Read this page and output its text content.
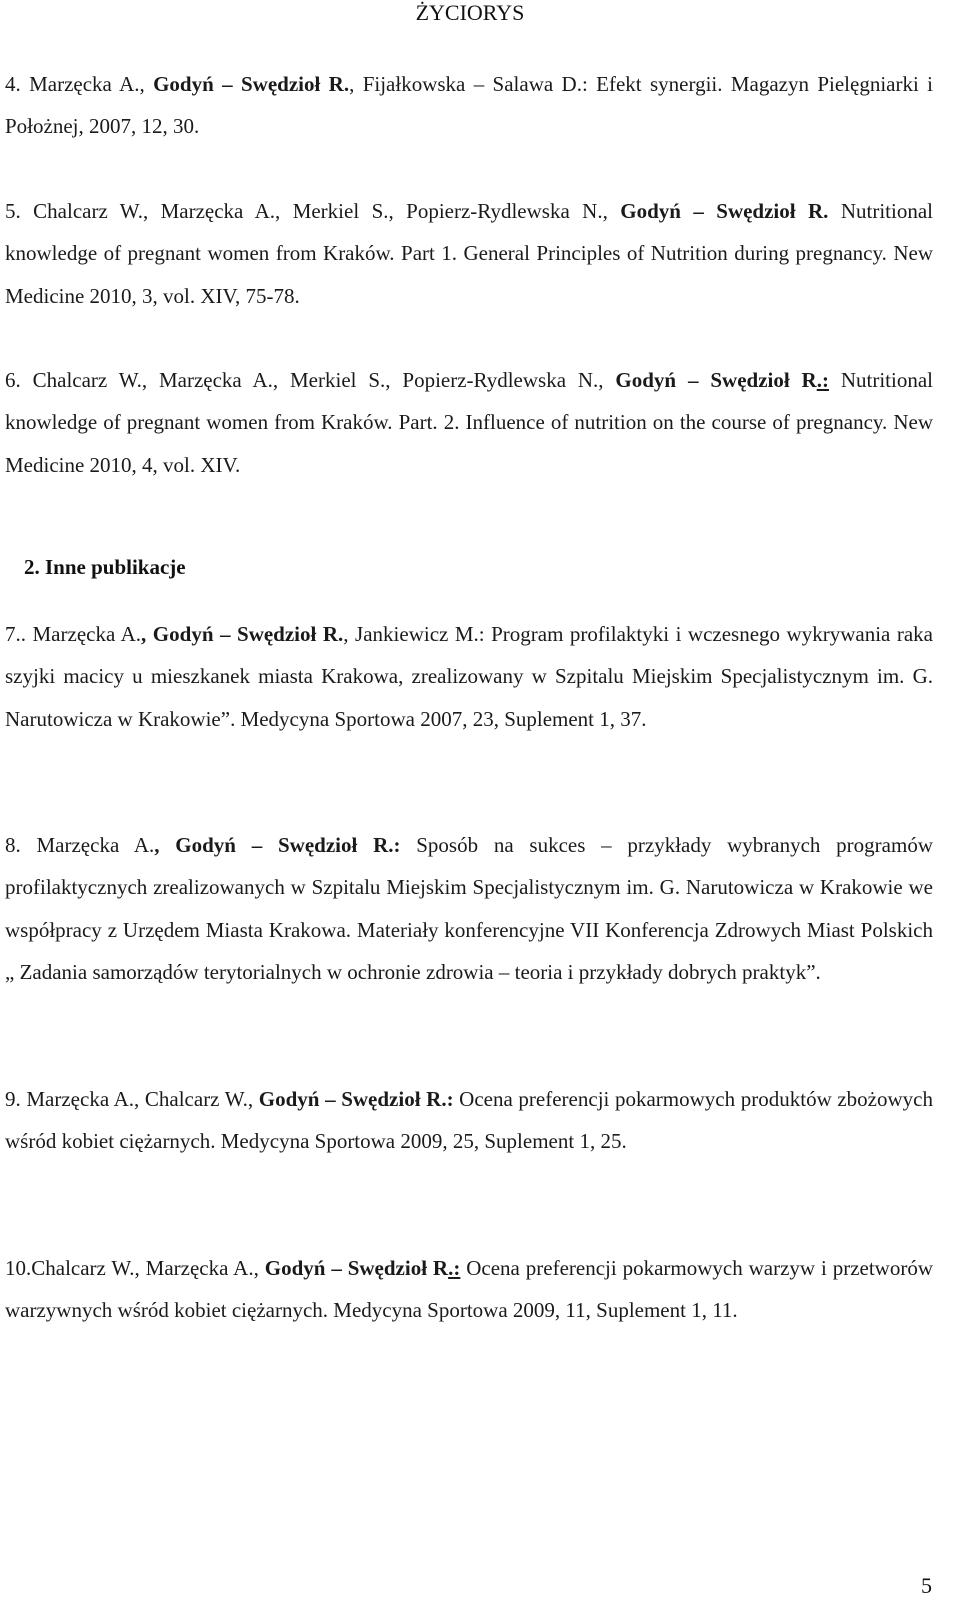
ŻYCIORYS

4. Marzęcka A., Godyń – Swędzioł R., Fijałkowska – Salawa D.: Efekt synergii. Magazyn Pielęgniarki i Położnej, 2007, 12, 30.

5. Chalcarz W., Marzęcka A., Merkiel S., Popierz-Rydlewska N., Godyń – Swędzioł R. Nutritional knowledge of pregnant women from Kraków. Part 1. General Principles of Nutrition during pregnancy. New Medicine 2010, 3, vol. XIV, 75-78.

6. Chalcarz W., Marzęcka A., Merkiel S., Popierz-Rydlewska N., Godyń – Swędzioł R.: Nutritional knowledge of pregnant women from Kraków. Part. 2. Influence of nutrition on the course of pregnancy. New Medicine 2010, 4, vol. XIV.

2. Inne publikacje

7.. Marzęcka A., Godyń – Swędzioł R., Jankiewicz M.: Program profilaktyki i wczesnego wykrywania raka szyjki macicy u mieszkanek miasta Krakowa, zrealizowany w Szpitalu Miejskim Specjalistycznym im. G. Narutowicza w Krakowie”. Medycyna Sportowa 2007, 23, Suplement 1, 37.

8. Marzęcka A., Godyń – Swędzioł R.: Sposób na sukces – przykłady wybranych programów profilaktycznych zrealizowanych w Szpitalu Miejskim Specjalistycznym im. G. Narutowicza w Krakowie we współpracy z Urzędem Miasta Krakowa. Materiały konferencyjne VII Konferencja Zdrowych Miast Polskich „ Zadania samorządów terytorialnych w ochronie zdrowia – teoria i przykłady dobrych praktyk”.

9. Marzęcka A., Chalcarz W., Godyń – Swędzioł R.: Ocena preferencji pokarmowych produktów zbożowych wśród kobiet ciężarnych. Medycyna Sportowa 2009, 25, Suplement 1, 25.

10.Chalcarz W., Marzęcka A., Godyń – Swędzioł R.: Ocena preferencji pokarmowych warzyw i przetworów warzywnych wśród kobiet ciężarnych. Medycyna Sportowa 2009, 11, Suplement 1, 11.

5
